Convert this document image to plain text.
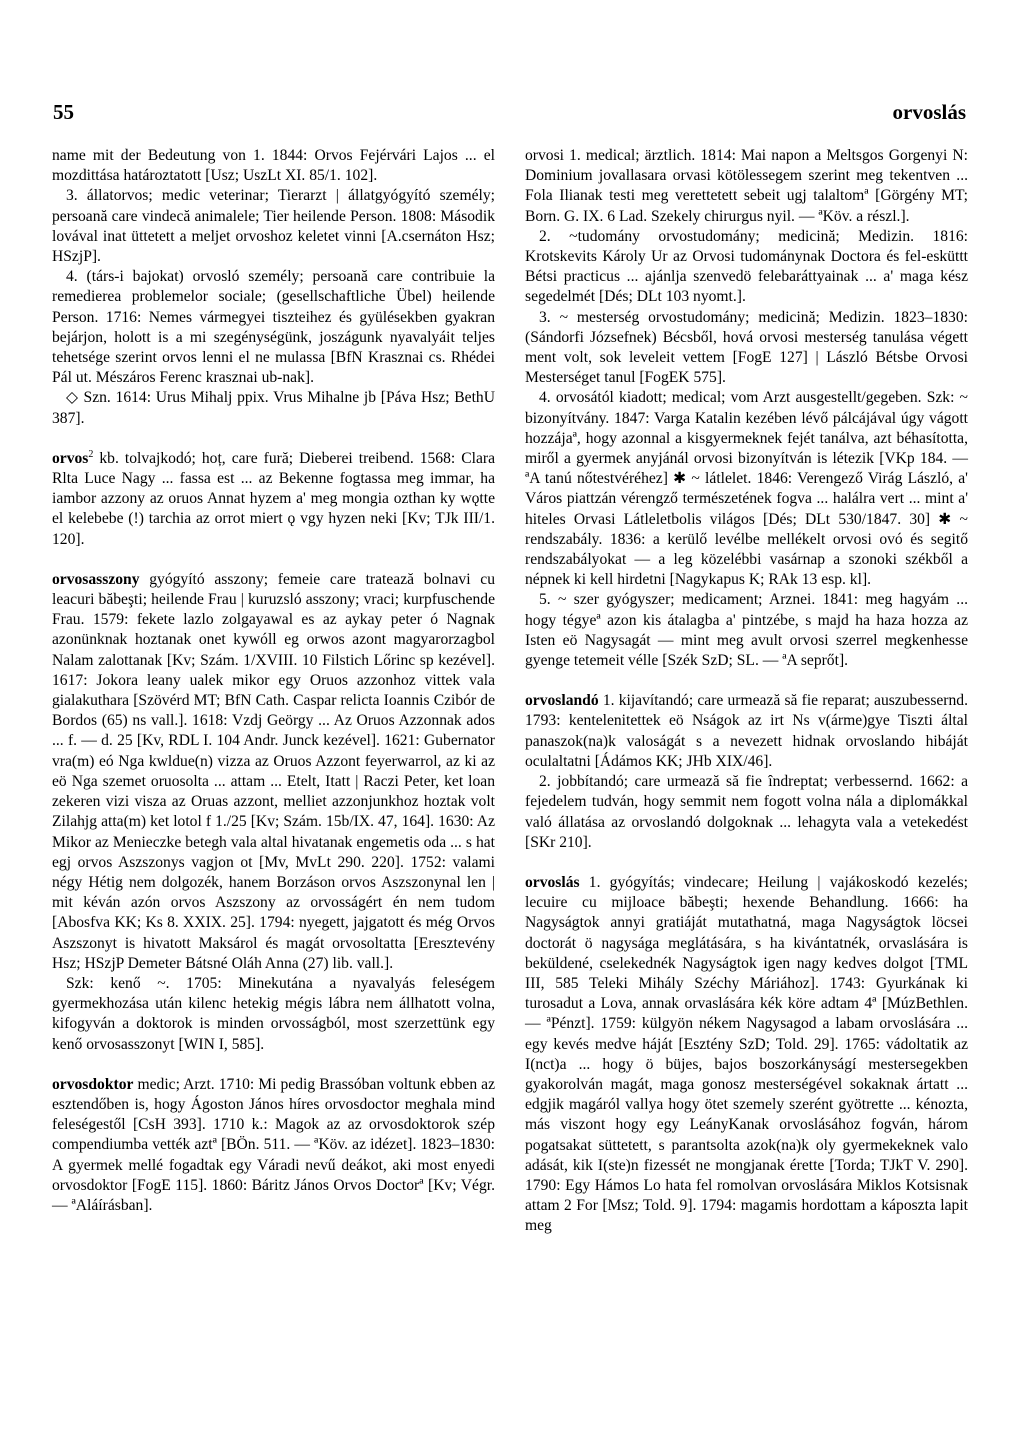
55	orvoslás

name mit der Bedeutung von 1. 1844: Orvos Fejérvári Lajos ... el mozdittása határoztatott [Usz; UszLt XI. 85/1. 102].

3. állatorvos; medic veterinar; Tierarzt | állatgyógyító személy; persoană care vindecă animalele; Tier heilende Person. 1808: Második lovával inat üttetett a meljet orvoshoz keletet vinni [A.csernáton Hsz; HSzjP].

4. (társ-i bajokat) orvosló személy; persoană care contribuie la remedierea problemelor sociale; (gesellschaftliche Übel) heilende Person. 1716: Nemes vármegyei tiszteihez és gyülésekben gyakran bejárjon, holott is a mi szegénységünk, joszágunk nyavalyáit teljes tehetsége szerint orvos lenni el ne mulassa [BfN Krasznai cs. Rhédei Pál ut. Mészáros Ferenc krasznai ub-nak].

◇ Szn. 1614: Urus Mihalj ppix. Vrus Mihalne jb [Páva Hsz; BethU 387].

orvos$^2$ kb. tolvajkodó; hoț, care fură; Dieberei treibend. 1568: Clara Rlta Luce Nagy ... fassa est ... az Bekenne fogtassa meg immar, ha iambor azzony az oruos Annat hyzem a' meg mongia ozthan ky wǫtte el kelebebe (!) tarchia az orrot miert ǫ vgy hyzen neki [Kv; TJk III/1. 120].

orvosasszony gyógyító asszony; femeie care tratează bolnavi cu leacuri băbeşti; heilende Frau | kuruzsló asszony; vraci; kurpfuschende Frau. 1579: fekete lazlo zolgayawal es az aykay peter ó Nagnak azonünknak hoztanak onet kywóll eg orwos azont magyarorzagbol Nalam zalottanak [Kv; Szám. 1/XVIII. 10 Filstich Lőrinc sp kezével]. 1617: Jokora leany ualek mikor egy Oruos azzonhoz vittek vala gialakuthara [Szövérd MT; BfN Cath. Caspar relicta Ioannis Czibór de Bordos (65) ns vall.]. 1618: Vzdj Geörgy ... Az Oruos Azzonnak ados ... f. — d. 25 [Kv, RDL I. 104 Andr. Junck kezével]. 1621: Gubernator vra(m) eó Nga kwldue(n) vizza az Oruos Azzont feyerwarrol, az ki az eö Nga szemet oruosolta ... attam ... Etelt, Itatt | Raczi Peter, ket loan zekeren vizi visza az Oruas azzont, melliet azzonjunkhoz hoztak volt Zilahjg atta(m) ket lotol f 1./25 [Kv; Szám. 15b/IX. 47, 164]. 1630: Az Mikor az Menieczke betegh vala altal hivatanak engemetis oda ... s hat egj orvos Aszszonys vagjon ot [Mv, MvLt 290. 220]. 1752: valami négy Hétig nem dolgozék, hanem Borzáson orvos Aszszonynal len | mit kéván azón orvos Aszszony az orvosságért én nem tudom [Abosfva KK; Ks 8. XXIX. 25]. 1794: nyegett, jajgatott és még Orvos Aszszonyt is hivatott Maksárol és magát orvosoltatta [Eresztevény Hsz; HSzjP Demeter Bátsné Oláh Anna (27) lib. vall.].

Szk: kenő ~. 1705: Minekutána a nyavalyás feleségem gyermekhozása után kilenc hetekig mégis lábra nem állhatott volna, kifogyván a doktorok is minden orvosságból, most szerzettünk egy kenő orvosasszonyt [WIN I, 585].

orvosdoktor medic; Arzt. 1710: Mi pedig Brassóban voltunk ebben az esztendőben is, hogy Ágoston János híres orvosdoctor meghala mind feleségestől [CsH 393]. 1710 k.: Magok az az orvosdoktorok szép compendiumba vették aztª [BÖn. 511. — ªKöv. az idézet]. 1823–1830: A gyermek mellé fogadtak egy Váradi nevű deákot, aki most enyedi orvosdoktor [FogE 115]. 1860: Báritz János Orvos Doctorª [Kv; Végr. — ªAláírásban].

orvosi 1. medical; ärztlich. 1814: Mai napon a Meltsgos Gorgenyi N: Dominium jovallasara orvasi kötölessegem szerint meg tekentven ... Fola Ilianak testi meg verettetett sebeit ugj talaltomª [Görgény MT; Born. G. IX. 6 Lad. Szekely chirurgus nyil. — ªKöv. a részl.].

2. ~tudomány orvostudomány; medicină; Medizin. 1816: Krotskevits Károly Ur az Orvosi tudománynak Doctora és fel-esküttt Bétsi practicus ... ajánlja szenvedö felebaráttyainak ... a' maga kész segedelmét [Dés; DLt 103 nyomt.].

3. ~ mesterség orvostudomány; medicină; Medizin. 1823–1830: (Sándorfi Józsefnek) Bécsből, hová orvosi mesterség tanulása végett ment volt, sok leveleit vettem [FogE 127] | László Bétsbe Orvosi Mesterséget tanul [FogEK 575].

4. orvosától kiadott; medical; vom Arzt ausgestellt/gegeben. Szk: ~ bizonyítvány. 1847: Varga Katalin kezében lévő pálcájával úgy vágott hozzájaª, hogy azonnal a kisgyermeknek fejét tanálva, azt béhasította, miről a gyermek anyjánál orvosi bizonyítván is létezik [VKp 184. — ªA tanú nőtestvéréhez] ✱ ~ látlelet. 1846: Verengező Virág László, a' Város piattzán vérengző természetének fogva ... halálra vert ... mint a' hiteles Orvasi Látleletbolis világos [Dés; DLt 530/1847. 30] ✱ ~ rendszabály. 1836: a kerülő levélbe mellékelt orvosi ovó és segitő rendszabályokat — a leg közelébbi vasárnap a szonoki székből a népnek ki kell hirdetni [Nagykapus K; RAk 13 esp. kl].

5. ~ szer gyógyszer; medicament; Arznei. 1841: meg hagyám ... hogy tégyeª azon kis átalagba a' pintzébe, s majd ha haza hozza az Isten eö Nagysagát — mint meg avult orvosi szerrel megkenhesse gyenge tetemeit vélle [Szék SzD; SL. — ªA seprőt].

orvoslandó 1. kijavítandó; care urmează să fie reparat; auszubessernd. 1793: kentelenitettek eö Nságok az irt Ns v(árme)gye Tiszti által panaszok(na)k valoságát s a nevezett hidnak orvoslando hibáját oculaltatni [Ádámos KK; JHb XIX/46].

2. jobbítandó; care urmează să fie îndreptat; verbessernd. 1662: a fejedelem tudván, hogy semmit nem fogott volna nála a diplomákkal való állatása az orvoslandó dolgoknak ... lehagyta vala a vetekedést [SKr 210].

orvoslás 1. gyógyítás; vindecare; Heilung | vajákoskodó kezelés; lecuire cu mijloace băbeşti; hexende Behandlung. 1666: ha Nagyságtok annyi gratiáját mutathatná, maga Nagyságtok löcsei doctorát ö nagysága meglátására, s ha kivántatnék, orvaslására is beküldené, cselekednék Nagyságtok igen nagy kedves dolgot [TML III, 585 Teleki Mihály Széchy Máriához]. 1743: Gyurkának ki turosadut a Lova, annak orvaslására kék köre adtam 4ª [MúzBethlen. — ªPénzt]. 1759: külgyön nékem Nagysagod a labam orvoslására ... egy kevés medve háját [Esztény SzD; Told. 29]. 1765: vádoltatik az I(nct)a ... hogy ö büjes, bajos boszorkányságí mestersegekben gyakorolván magát, maga gonosz mesterségével sokaknak ártatt ... edgjik magáról vallya hogy ötet szemely szerént gyötrette ... kénozta, más viszont hogy egy LeányKanak orvoslásához fogván, három pogatsakat süttetett, s parantsolta azok(na)k oly gyermekeknek valo adását, kik I(ste)n fizessét ne mongjanak érette [Torda; TJkT V. 290]. 1790: Egy Hámos Lo hata fel romolvan orvoslására Miklos Kotsisnak attam 2 For [Msz; Told. 9]. 1794: magamis hordottam a káposzta lapit meg
